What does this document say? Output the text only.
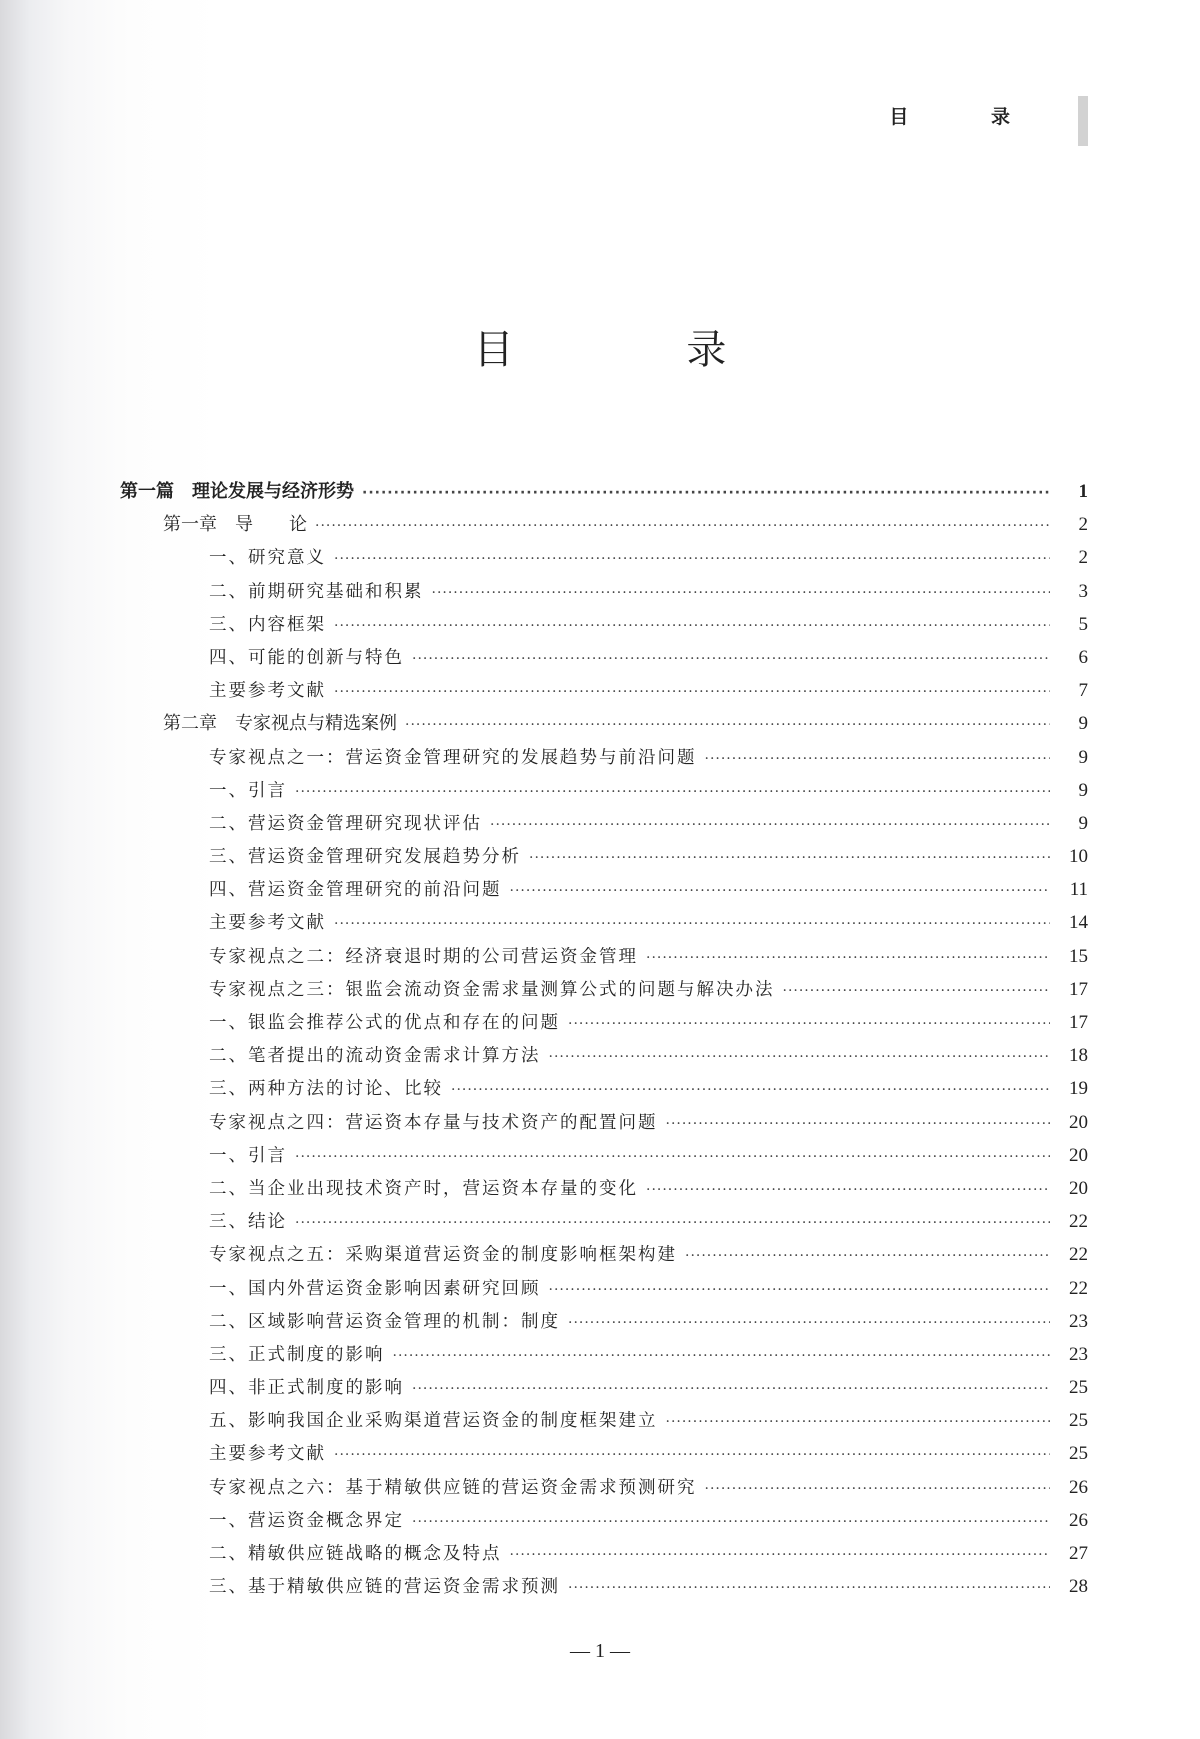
目 录
目 录
第一篇　理论发展与经济形势 ·····	1
第一章　导　　论 ·····	2
一、研究意义 ·····	2
二、前期研究基础和积累 ·····	3
三、内容框架 ·····	5
四、可能的创新与特色 ·····	6
主要参考文献 ·····	7
第二章　专家视点与精选案例 ·····	9
专家视点之一：营运资金管理研究的发展趋势与前沿问题 ·····	9
一、引言 ·····	9
二、营运资金管理研究现状评估 ·····	9
三、营运资金管理研究发展趋势分析 ·····	10
四、营运资金管理研究的前沿问题 ·····	11
主要参考文献 ·····	14
专家视点之二：经济衰退时期的公司营运资金管理 ·····	15
专家视点之三：银监会流动资金需求量测算公式的问题与解决办法 ·····	17
一、银监会推荐公式的优点和存在的问题 ·····	17
二、笔者提出的流动资金需求计算方法 ·····	18
三、两种方法的讨论、比较 ·····	19
专家视点之四：营运资本存量与技术资产的配置问题 ·····	20
一、引言 ·····	20
二、当企业出现技术资产时，营运资本存量的变化 ·····	20
三、结论 ·····	22
专家视点之五：采购渠道营运资金的制度影响框架构建 ·····	22
一、国内外营运资金影响因素研究回顾 ·····	22
二、区域影响营运资金管理的机制：制度 ·····	23
三、正式制度的影响 ·····	23
四、非正式制度的影响 ·····	25
五、影响我国企业采购渠道营运资金的制度框架建立 ·····	25
主要参考文献 ·····	25
专家视点之六：基于精敏供应链的营运资金需求预测研究 ·····	26
一、营运资金概念界定 ·····	26
二、精敏供应链战略的概念及特点 ·····	27
三、基于精敏供应链的营运资金需求预测 ·····	28
— 1 —
